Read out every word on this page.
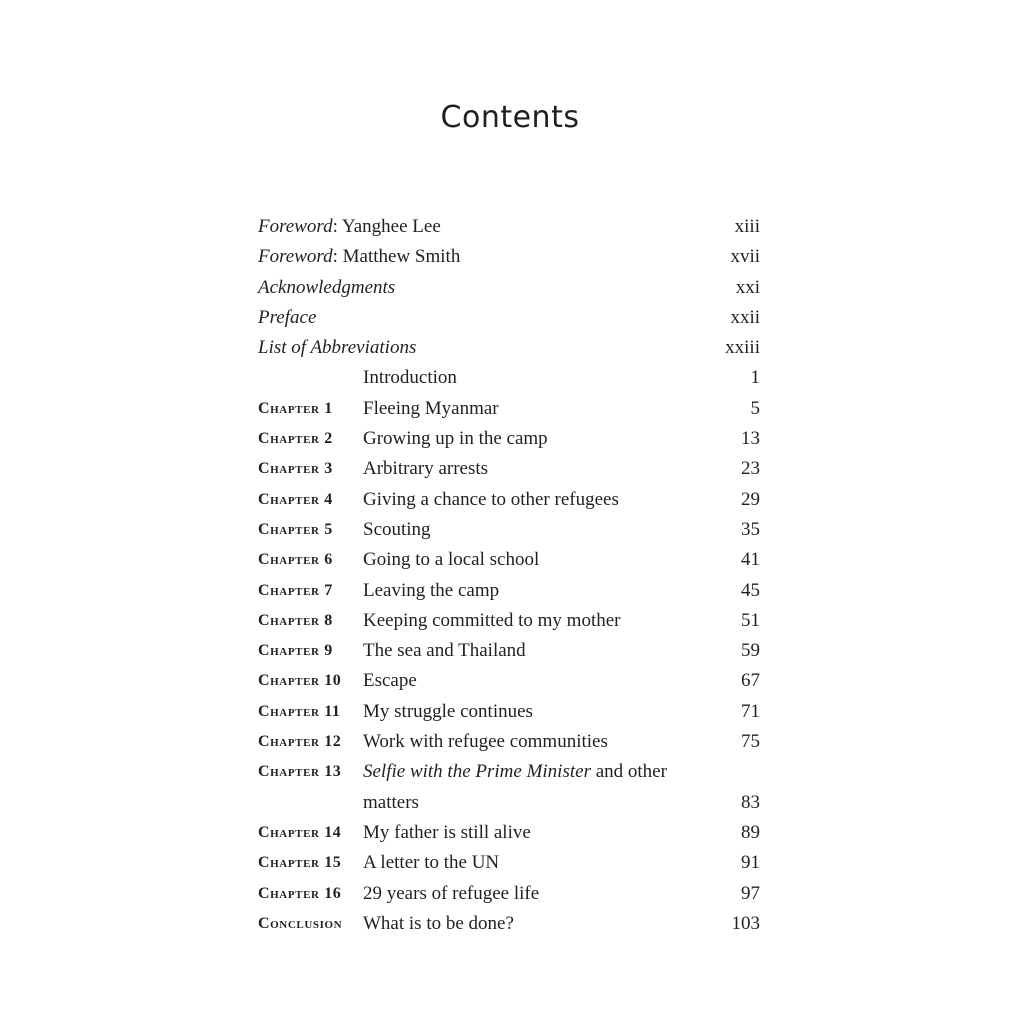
Contents
Foreword: Yanghee Lee	xiii
Foreword: Matthew Smith	xvii
Acknowledgments	xxi
Preface	xxii
List of Abbreviations	xxiii
Introduction	1
Chapter 1 Fleeing Myanmar	5
Chapter 2 Growing up in the camp	13
Chapter 3 Arbitrary arrests	23
Chapter 4 Giving a chance to other refugees	29
Chapter 5 Scouting	35
Chapter 6 Going to a local school	41
Chapter 7 Leaving the camp	45
Chapter 8 Keeping committed to my mother	51
Chapter 9 The sea and Thailand	59
Chapter 10 Escape	67
Chapter 11 My struggle continues	71
Chapter 12 Work with refugee communities	75
Chapter 13 Selfie with the Prime Minister and other
matters	83
Chapter 14 My father is still alive	89
Chapter 15 A letter to the UN	91
Chapter 16 29 years of refugee life	97
Conclusion What is to be done?	103
